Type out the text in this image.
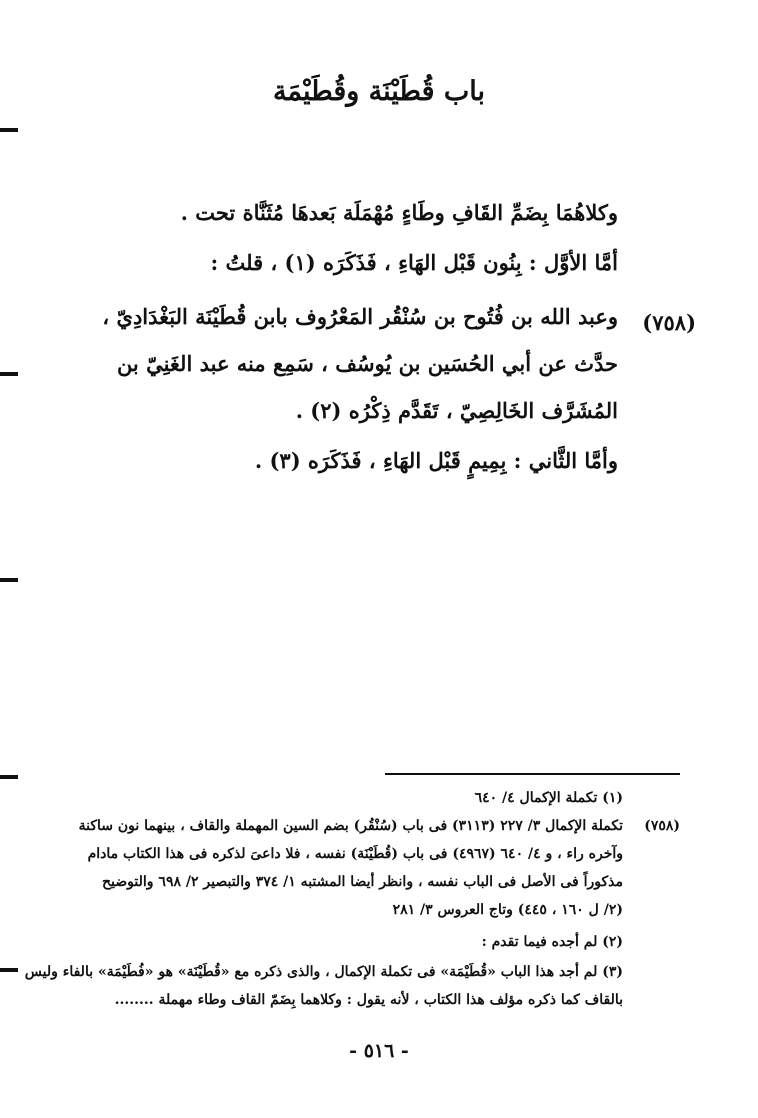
باب قُطَيْنَة وقُطَيْمَة
وكلاهُمَا بِضَمِّ القَافِ وطَاءٍ مُهْمَلَة بَعدهَا مُثَنَّاة تحت .
أمَّا الأوَّل : بِنُون قَبْل الهَاءِ ، فَذَكَرَه (١) ، قلتُ :
(٧٥٨)
وعبد الله بن فُتُوح بن سُنْقُر المَعْرُوف بابن قُطَيْنَة البَغْدَادِيّ ،
حدَّث عن أبي الحُسَين بن يُوسُف ، سَمِع منه عبد الغَنِيّ بن
المُشَرَّف الخَالِصِيّ ، تَقَدَّم ذِكْرُه (٢) .
وأمَّا الثَّاني : بِمِيمٍ قَبْل الهَاءِ ، فَذَكَرَه (٣) .
(١) تكملة الإكمال ٤/ ٦٤٠
(٧٥٨)
تكملة الإكمال ٣/ ٢٢٧ (٣١١٣) فى باب (سُنْقُر) بضم السين المهملة والقاف ، بينهما نون ساكنة
وآخره راء ، و ٤/ ٦٤٠ (٤٩٦٧) فى باب (قُطَيْنَة) نفسه ، فلا داعىَ لذكره فى هذا الكتاب مادام
مذكوراً فى الأصل فى الباب نفسه ، وانظر أيضا المشتبه ١/ ٣٧٤ والتبصير ٢/ ٦٩٨ والتوضيح
(٢/ ل ١٦٠ ، ٤٤٥) وتاج العروس ٣/ ٢٨١
(٢) لم أجده فيما تقدم :
(٣) لم أجد هذا الباب «قُطَيْمَة» فى تكملة الإكمال ، والذى ذكره مع «قُطَيْنَة» هو «فُطَيْمَة» بالفاء وليس
بالقاف كما ذكره مؤلف هذا الكتاب ، لأنه يقول : وكلاهما بِضَمّ القاف وطاء مهملة ........
- ٥١٦ -
